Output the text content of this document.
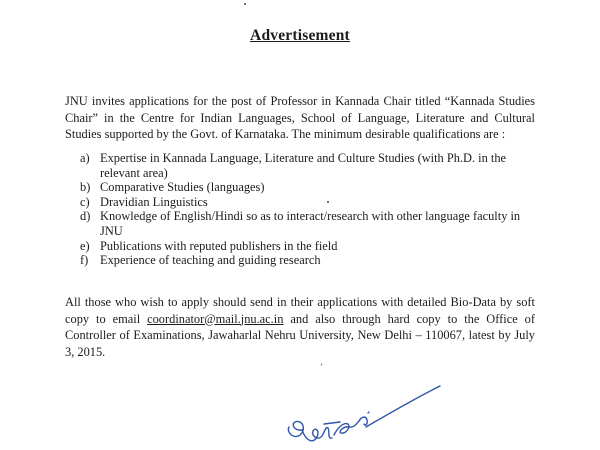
Advertisement

JNU invites applications for the post of Professor in Kannada Chair titled “Kannada Studies Chair” in the Centre for Indian Languages, School of Language, Literature and Cultural Studies supported by the Govt. of Karnataka. The minimum desirable qualifications are :

a) Expertise in Kannada Language, Literature and Culture Studies (with Ph.D. in the relevant area)
b) Comparative Studies (languages)
c) Dravidian Linguistics
d) Knowledge of English/Hindi so as to interact/research with other language faculty in JNU
e) Publications with reputed publishers in the field
f) Experience of teaching and guiding research

All those who wish to apply should send in their applications with detailed Bio-Data by soft copy to email coordinator@mail.jnu.ac.in and also through hard copy to the Office of Controller of Examinations, Jawaharlal Nehru University, New Delhi – 110067, latest by July 3, 2015.

’
